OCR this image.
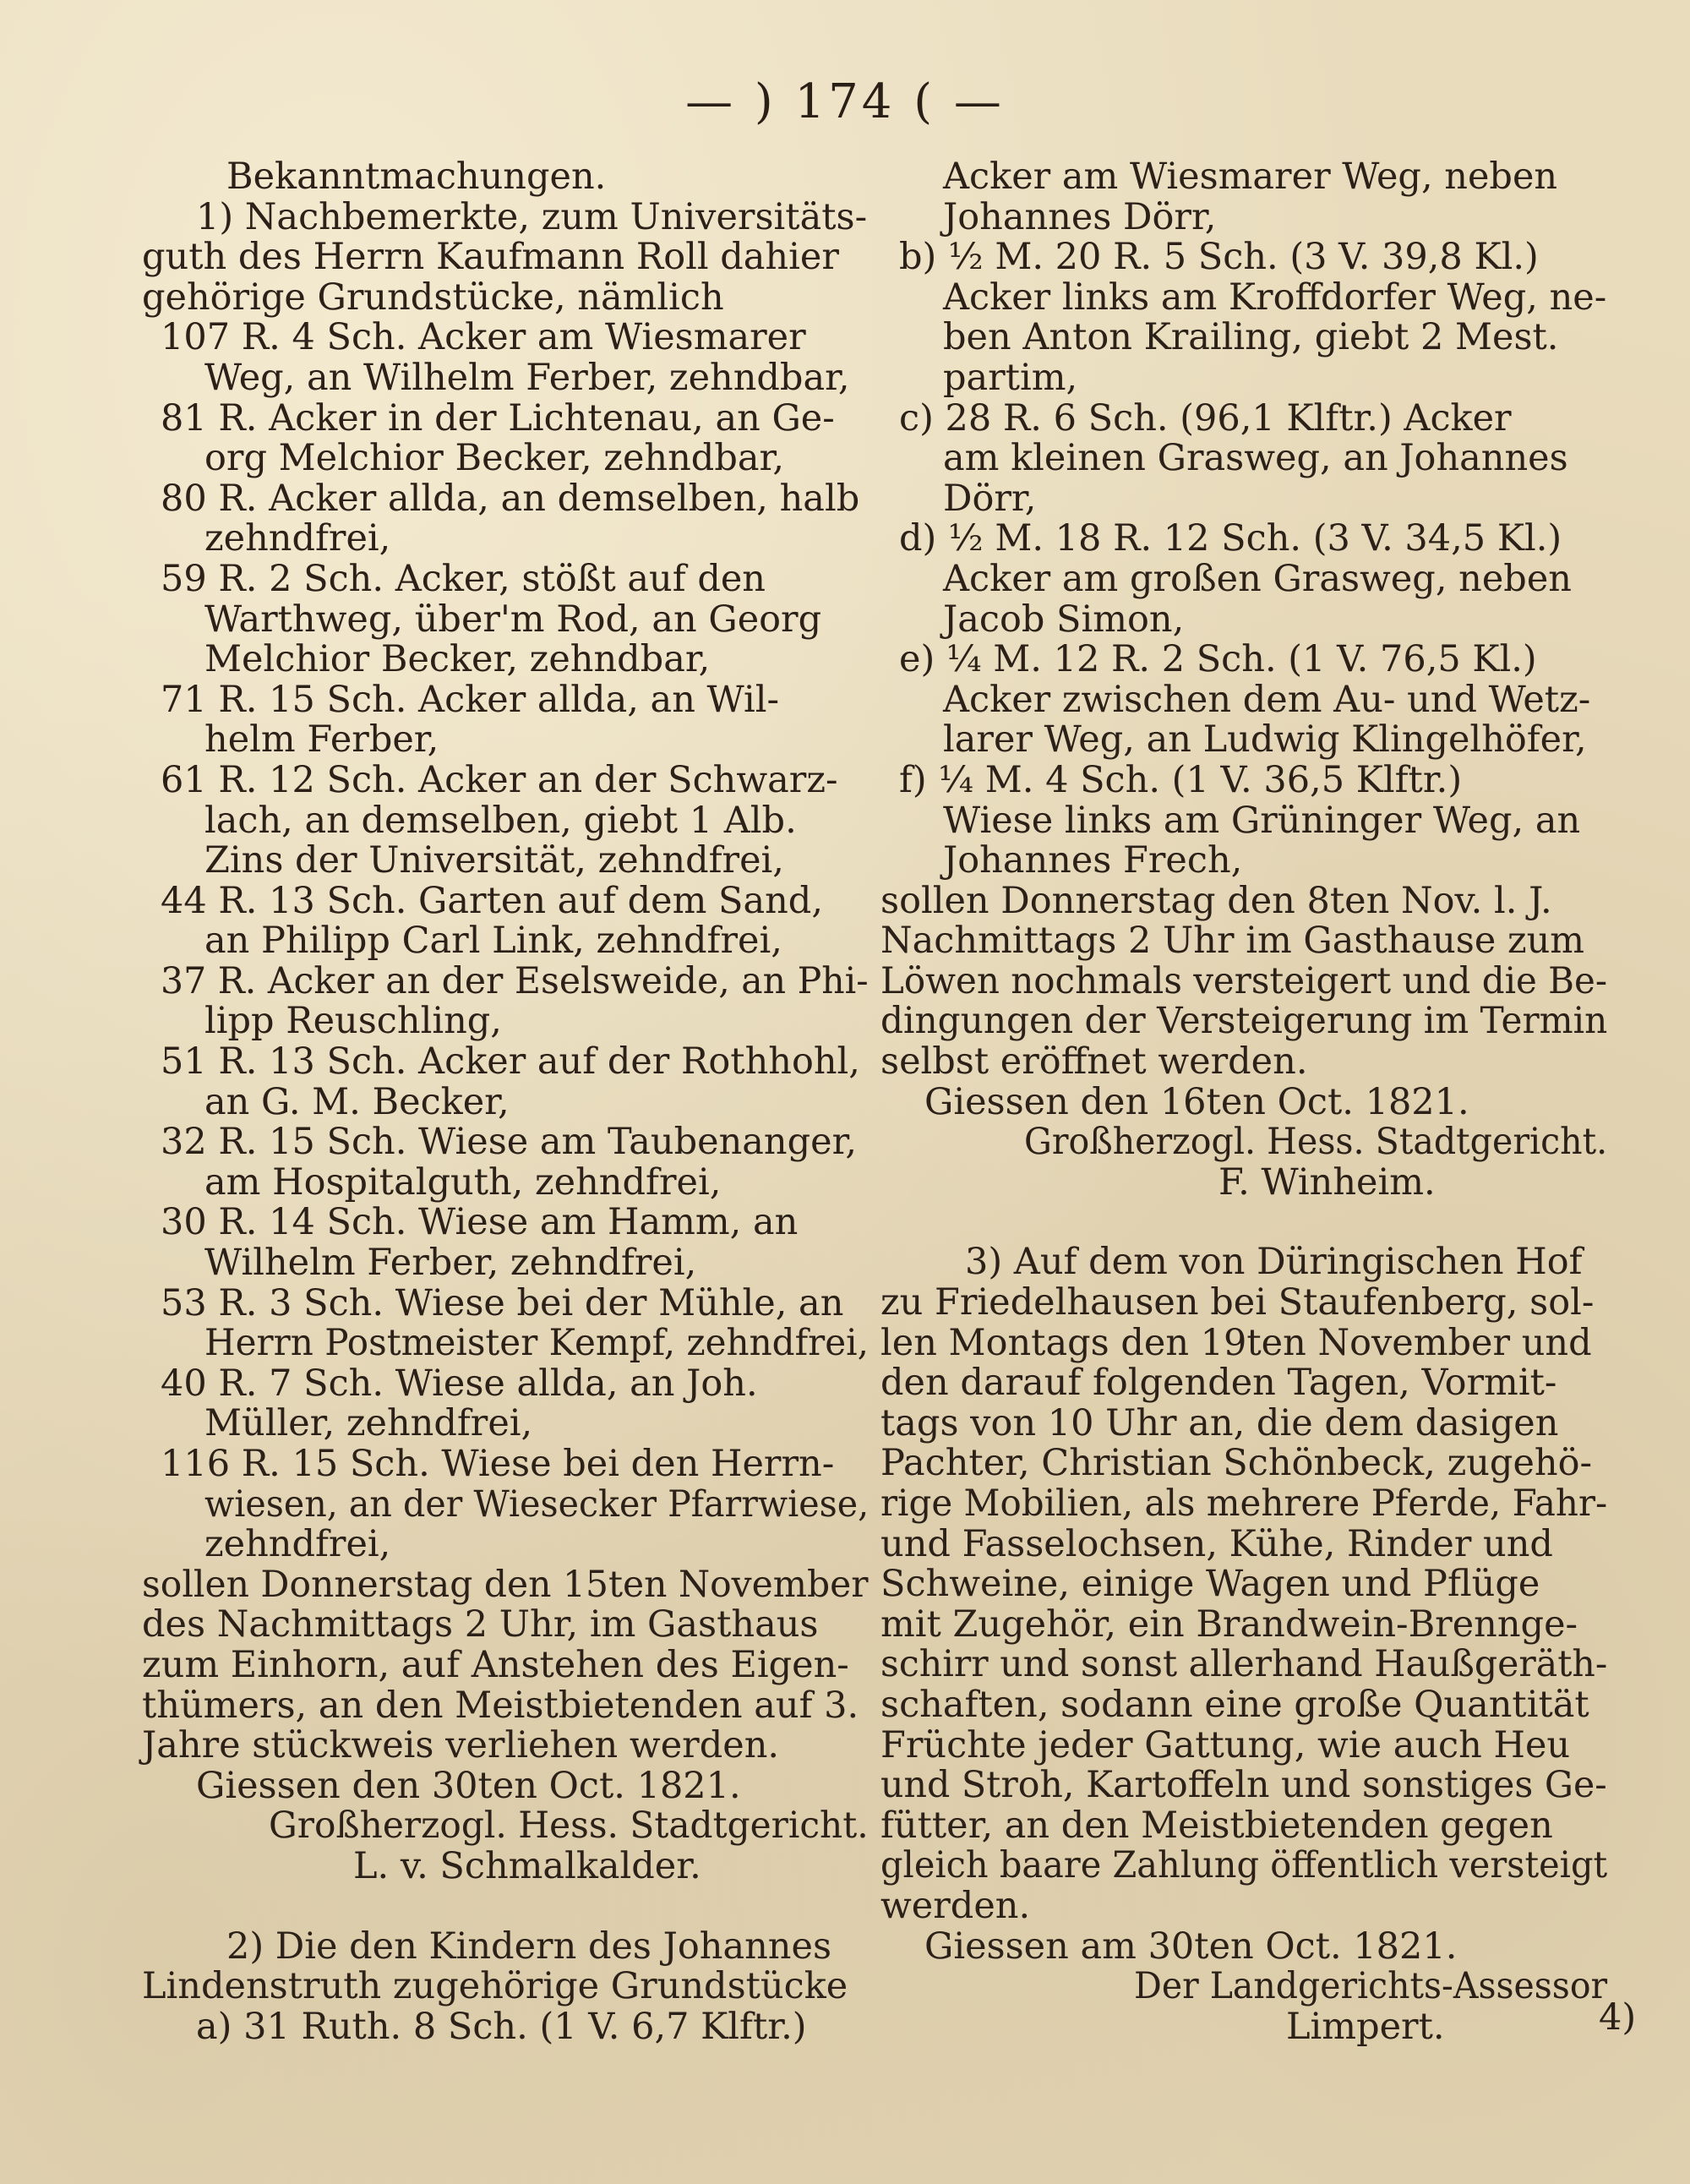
— ) 174 ( —
Bekanntmachungen.
1) Nachbemerkte, zum Universitäts-
guth des Herrn Kaufmann Roll dahier
gehörige Grundstücke, nämlich
107 R. 4 Sch. Acker am Wiesmarer
Weg, an Wilhelm Ferber, zehndbar,
81 R. Acker in der Lichtenau, an Ge-
org Melchior Becker, zehndbar,
80 R. Acker allda, an demselben, halb
zehndfrei,
59 R. 2 Sch. Acker, stößt auf den
Warthweg, über'm Rod, an Georg
Melchior Becker, zehndbar,
71 R. 15 Sch. Acker allda, an Wil-
helm Ferber,
61 R. 12 Sch. Acker an der Schwarz-
lach, an demselben, giebt 1 Alb.
Zins der Universität, zehndfrei,
44 R. 13 Sch. Garten auf dem Sand,
an Philipp Carl Link, zehndfrei,
37 R. Acker an der Eselsweide, an Phi-
lipp Reuschling,
51 R. 13 Sch. Acker auf der Rothhohl,
an G. M. Becker,
32 R. 15 Sch. Wiese am Taubenanger,
am Hospitalguth, zehndfrei,
30 R. 14 Sch. Wiese am Hamm, an
Wilhelm Ferber, zehndfrei,
53 R. 3 Sch. Wiese bei der Mühle, an
Herrn Postmeister Kempf, zehndfrei,
40 R. 7 Sch. Wiese allda, an Joh.
Müller, zehndfrei,
116 R. 15 Sch. Wiese bei den Herrn-
wiesen, an der Wiesecker Pfarrwiese,
zehndfrei,
sollen Donnerstag den 15ten November
des Nachmittags 2 Uhr, im Gasthaus
zum Einhorn, auf Anstehen des Eigen-
thümers, an den Meistbietenden auf 3.
Jahre stückweis verliehen werden.
Giessen den 30ten Oct. 1821.
Großherzogl. Hess. Stadtgericht.
L. v. Schmalkalder.
2) Die den Kindern des Johannes
Lindenstruth zugehörige Grundstücke
a) 31 Ruth. 8 Sch. (1 V. 6,7 Klftr.)
Acker am Wiesmarer Weg, neben
Johannes Dörr,
b) ½ M. 20 R. 5 Sch. (3 V. 39,8 Kl.)
Acker links am Kroffdorfer Weg, ne-
ben Anton Krailing, giebt 2 Mest.
partim,
c) 28 R. 6 Sch. (96,1 Klftr.) Acker
am kleinen Grasweg, an Johannes
Dörr,
d) ½ M. 18 R. 12 Sch. (3 V. 34,5 Kl.)
Acker am großen Grasweg, neben
Jacob Simon,
e) ¼ M. 12 R. 2 Sch. (1 V. 76,5 Kl.)
Acker zwischen dem Au- und Wetz-
larer Weg, an Ludwig Klingelhöfer,
f) ¼ M. 4 Sch. (1 V. 36,5 Klftr.)
Wiese links am Grüninger Weg, an
Johannes Frech,
sollen Donnerstag den 8ten Nov. l. J.
Nachmittags 2 Uhr im Gasthause zum
Löwen nochmals versteigert und die Be-
dingungen der Versteigerung im Termin
selbst eröffnet werden.
Giessen den 16ten Oct. 1821.
Großherzogl. Hess. Stadtgericht.
F. Winheim.
3) Auf dem von Düringischen Hof
zu Friedelhausen bei Staufenberg, sol-
len Montags den 19ten November und
den darauf folgenden Tagen, Vormit-
tags von 10 Uhr an, die dem dasigen
Pachter, Christian Schönbeck, zugehö-
rige Mobilien, als mehrere Pferde, Fahr-
und Fasselochsen, Kühe, Rinder und
Schweine, einige Wagen und Pflüge
mit Zugehör, ein Brandwein-Brennge-
schirr und sonst allerhand Haußgeräth-
schaften, sodann eine große Quantität
Früchte jeder Gattung, wie auch Heu
und Stroh, Kartoffeln und sonstiges Ge-
fütter, an den Meistbietenden gegen
gleich baare Zahlung öffentlich versteigt
werden.
Giessen am 30ten Oct. 1821.
Der Landgerichts-Assessor
Limpert.	4)
